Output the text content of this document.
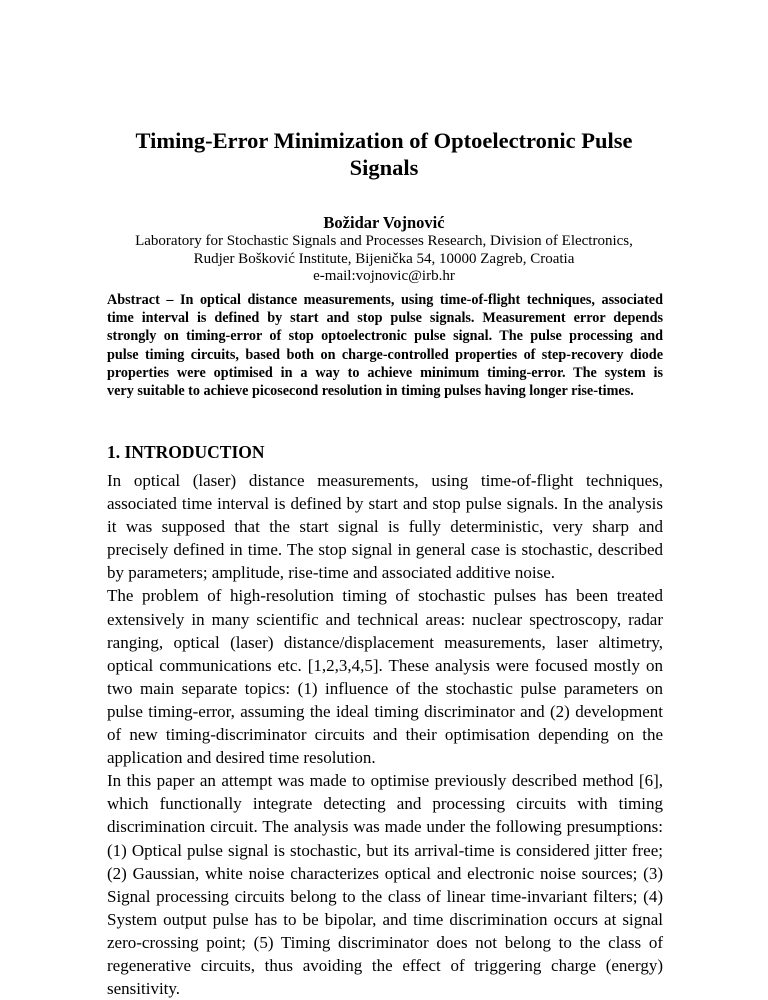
Timing-Error Minimization of Optoelectronic Pulse
Signals
Božidar Vojnović
Laboratory for Stochastic Signals and Processes Research, Division of Electronics,
Rudjer Bošković Institute, Bijenička 54, 10000 Zagreb, Croatia
e-mail:vojnovic@irb.hr
Abstract – In optical distance measurements, using time-of-flight techniques, associated
time interval is defined by start and stop pulse signals. Measurement error depends
strongly on timing-error of stop optoelectronic pulse signal. The pulse processing and
pulse timing circuits, based both on charge-controlled properties of step-recovery diode
properties were optimised in a way to achieve minimum timing-error. The system is
very suitable to achieve picosecond resolution in timing pulses having longer rise-times.
1. INTRODUCTION
In optical (laser) distance measurements, using time-of-flight techniques,
associated time interval is defined by start and stop pulse signals. In the analysis
it was supposed that the start signal is fully deterministic, very sharp and
precisely defined in time. The stop signal in general case is stochastic, described
by parameters; amplitude, rise-time and associated additive noise.
The problem of high-resolution timing of stochastic pulses has been treated
extensively in many scientific and technical areas: nuclear spectroscopy, radar
ranging, optical (laser) distance/displacement measurements, laser altimetry,
optical communications etc. [1,2,3,4,5]. These analysis were focused mostly on
two main separate topics: (1) influence of the stochastic pulse parameters on
pulse timing-error, assuming the ideal timing discriminator and (2) development
of new timing-discriminator circuits and their optimisation depending on the
application and desired time resolution.
In this paper an attempt was made to optimise previously described method [6],
which functionally integrate detecting and processing circuits with timing
discrimination circuit. The analysis was made under the following presumptions:
(1) Optical pulse signal is stochastic, but its arrival-time is considered jitter free;
(2) Gaussian, white noise characterizes optical and electronic noise sources; (3)
Signal processing circuits belong to the class of linear time-invariant filters; (4)
System output pulse has to be bipolar, and time discrimination occurs at signal
zero-crossing point; (5) Timing discriminator does not belong to the class of
regenerative circuits, thus avoiding the effect of triggering charge (energy)
sensitivity.
